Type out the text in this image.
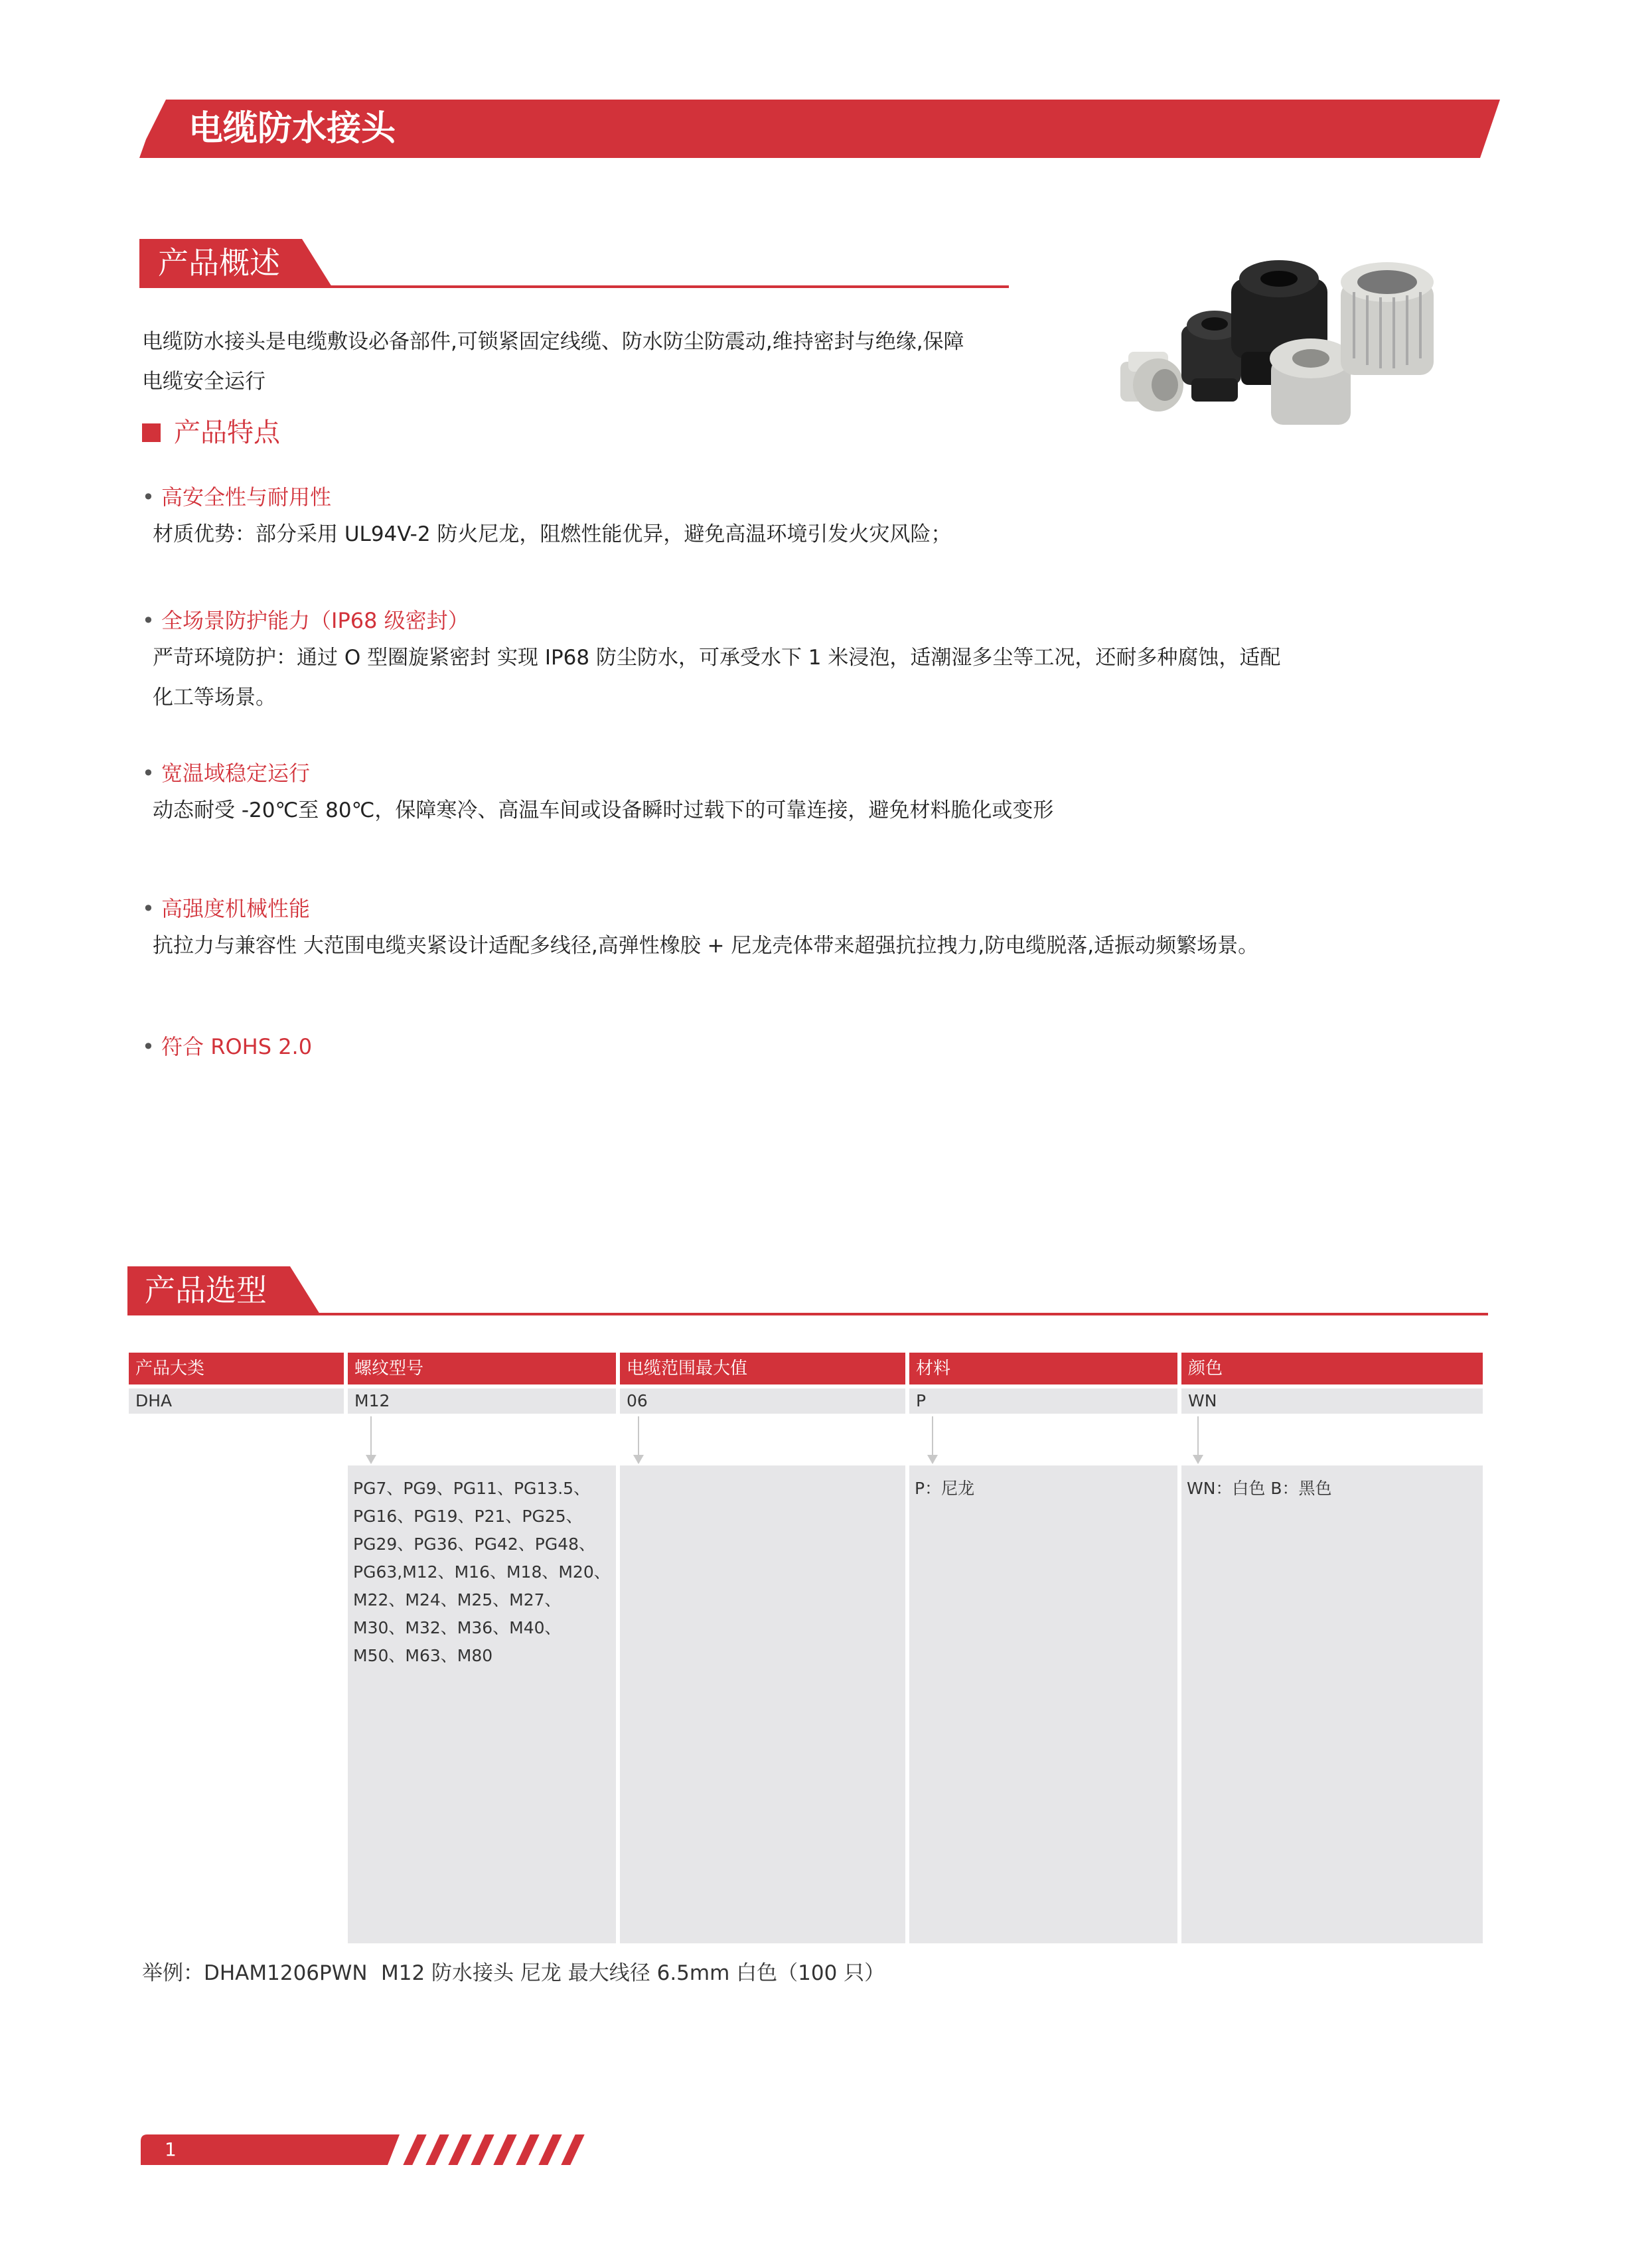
电缆防水接头
产品概述
电缆防水接头是电缆敷设必备部件,可锁紧固定线缆、防水防尘防震动,维持密封与绝缘,保障
电缆安全运行
产品特点
• 高安全性与耐用性
材质优势：部分采用 UL94V-2 防火尼龙，阻燃性能优异，避免高温环境引发火灾风险；
• 全场景防护能力（IP68 级密封）
严苛环境防护：通过 O 型圈旋紧密封 实现 IP68 防尘防水，可承受水下 1 米浸泡，适潮湿多尘等工况，还耐多种腐蚀，适配
化工等场景。
• 宽温域稳定运行
动态耐受 -20℃至 80℃，保障寒冷、高温车间或设备瞬时过载下的可靠连接，避免材料脆化或变形
• 高强度机械性能
抗拉力与兼容性 大范围电缆夹紧设计适配多线径,高弹性橡胶 + 尼龙壳体带来超强抗拉拽力,防电缆脱落,适振动频繁场景。
• 符合 ROHS 2.0
产品选型
产品大类
DHA
螺纹型号
M12
PG7、PG9、PG11、PG13.5、
PG16、PG19、P21、PG25、
PG29、PG36、PG42、PG48、
PG63,M12、M16、M18、M20、
M22、M24、M25、M27、
M30、M32、M36、M40、
M50、M63、M80
电缆范围最大值
06
材料
P
P：尼龙
颜色
WN
WN：白色 B：黑色
举例：DHAM1206PWN M12 防水接头 尼龙 最大线径 6.5mm 白色（100 只）
1
